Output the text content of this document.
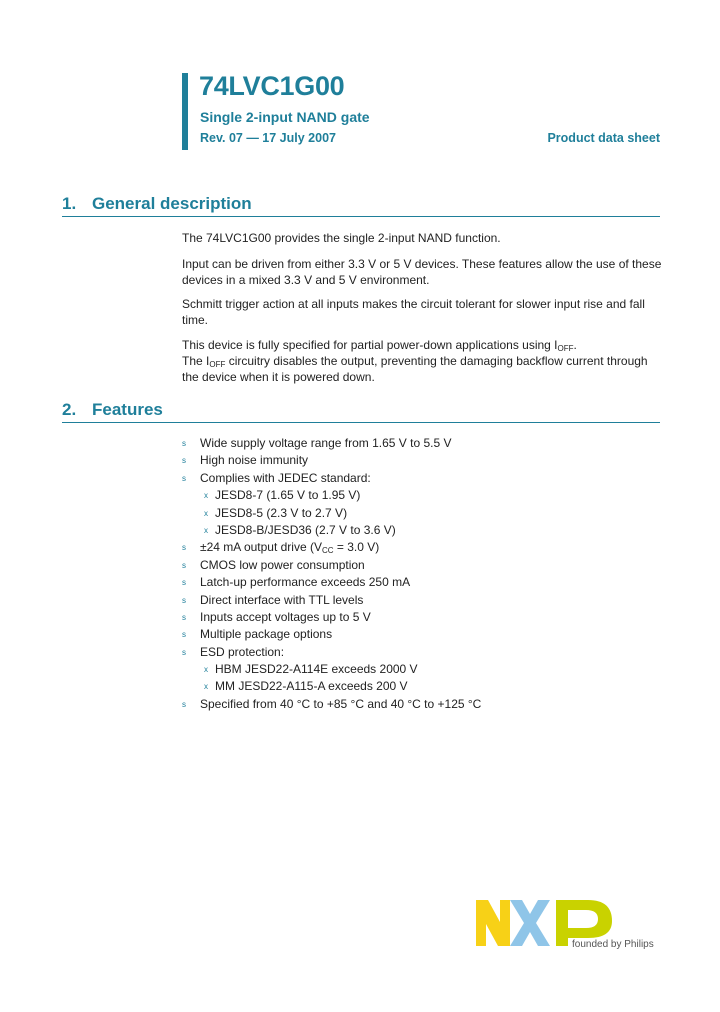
74LVC1G00
Single 2-input NAND gate
Rev. 07 — 17 July 2007	Product data sheet
1. General description
The 74LVC1G00 provides the single 2-input NAND function.
Input can be driven from either 3.3 V or 5 V devices. These features allow the use of these devices in a mixed 3.3 V and 5 V environment.
Schmitt trigger action at all inputs makes the circuit tolerant for slower input rise and fall time.
This device is fully specified for partial power-down applications using $I_{OFF}$.
The $I_{OFF}$ circuitry disables the output, preventing the damaging backflow current through the device when it is powered down.
2. Features
s Wide supply voltage range from 1.65 V to 5.5 V
s High noise immunity
s Complies with JEDEC standard:
x JESD8-7 (1.65 V to 1.95 V)
x JESD8-5 (2.3 V to 2.7 V)
x JESD8-B/JESD36 (2.7 V to 3.6 V)
s ±24 mA output drive ($V_{CC} = 3.0$ V)
s CMOS low power consumption
s Latch-up performance exceeds 250 mA
s Direct interface with TTL levels
s Inputs accept voltages up to 5 V
s Multiple package options
s ESD protection:
x HBM JESD22-A114E exceeds 2000 V
x MM JESD22-A115-A exceeds 200 V
s Specified from 40 °C to +85 °C and 40 °C to +125 °C
founded by Philips
